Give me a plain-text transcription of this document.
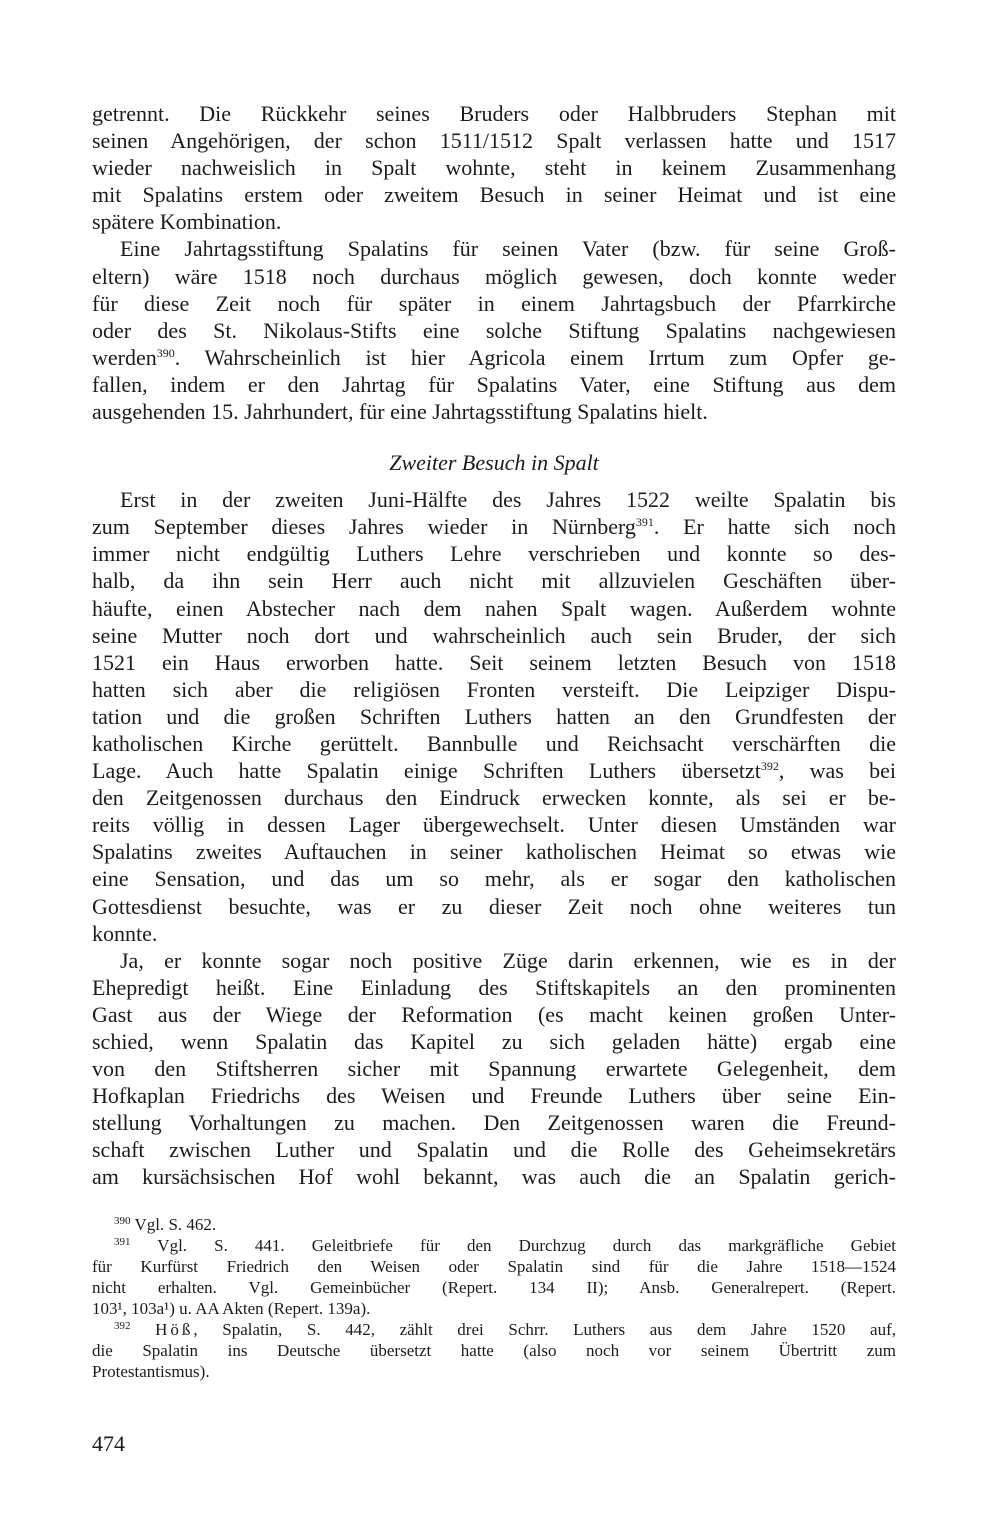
getrennt. Die Rückkehr seines Bruders oder Halbbruders Stephan mit
seinen Angehörigen, der schon 1511/1512 Spalt verlassen hatte und 1517
wieder nachweislich in Spalt wohnte, steht in keinem Zusammenhang
mit Spalatins erstem oder zweitem Besuch in seiner Heimat und ist eine
spätere Kombination.
Eine Jahrtagsstiftung Spalatins für seinen Vater (bzw. für seine Groß-
eltern) wäre 1518 noch durchaus möglich gewesen, doch konnte weder
für diese Zeit noch für später in einem Jahrtagsbuch der Pfarrkirche
oder des St. Nikolaus-Stifts eine solche Stiftung Spalatins nachgewiesen
werden$^{390}$. Wahrscheinlich ist hier Agricola einem Irrtum zum Opfer ge-
fallen, indem er den Jahrtag für Spalatins Vater, eine Stiftung aus dem
ausgehenden 15. Jahrhundert, für eine Jahrtagsstiftung Spalatins hielt.
Zweiter Besuch in Spalt
Erst in der zweiten Juni-Hälfte des Jahres 1522 weilte Spalatin bis
zum September dieses Jahres wieder in Nürnberg$^{391}$. Er hatte sich noch
immer nicht endgültig Luthers Lehre verschrieben und konnte so des-
halb, da ihn sein Herr auch nicht mit allzuvielen Geschäften über-
häufte, einen Abstecher nach dem nahen Spalt wagen. Außerdem wohnte
seine Mutter noch dort und wahrscheinlich auch sein Bruder, der sich
1521 ein Haus erworben hatte. Seit seinem letzten Besuch von 1518
hatten sich aber die religiösen Fronten versteift. Die Leipziger Dispu-
tation und die großen Schriften Luthers hatten an den Grundfesten der
katholischen Kirche gerüttelt. Bannbulle und Reichsacht verschärften die
Lage. Auch hatte Spalatin einige Schriften Luthers übersetzt$^{392}$, was bei
den Zeitgenossen durchaus den Eindruck erwecken konnte, als sei er be-
reits völlig in dessen Lager übergewechselt. Unter diesen Umständen war
Spalatins zweites Auftauchen in seiner katholischen Heimat so etwas wie
eine Sensation, und das um so mehr, als er sogar den katholischen
Gottesdienst besuchte, was er zu dieser Zeit noch ohne weiteres tun
konnte.
Ja, er konnte sogar noch positive Züge darin erkennen, wie es in der
Ehepredigt heißt. Eine Einladung des Stiftskapitels an den prominenten
Gast aus der Wiege der Reformation (es macht keinen großen Unter-
schied, wenn Spalatin das Kapitel zu sich geladen hätte) ergab eine
von den Stiftsherren sicher mit Spannung erwartete Gelegenheit, dem
Hofkaplan Friedrichs des Weisen und Freunde Luthers über seine Ein-
stellung Vorhaltungen zu machen. Den Zeitgenossen waren die Freund-
schaft zwischen Luther und Spalatin und die Rolle des Geheimsekretärs
am kursächsischen Hof wohl bekannt, was auch die an Spalatin gerich-
$^{390}$ Vgl. S. 462.
$^{391}$ Vgl. S. 441. Geleitbriefe für den Durchzug durch das markgräfliche Gebiet
für Kurfürst Friedrich den Weisen oder Spalatin sind für die Jahre 1518—1524
nicht erhalten. Vgl. Gemeinbücher (Repert. 134 II); Ansb. Generalrepert. (Repert.
103¹, 103a¹) u. AA Akten (Repert. 139a).
$^{392}$ Höß, Spalatin, S. 442, zählt drei Schrr. Luthers aus dem Jahre 1520 auf,
die Spalatin ins Deutsche übersetzt hatte (also noch vor seinem Übertritt zum
Protestantismus).
474
